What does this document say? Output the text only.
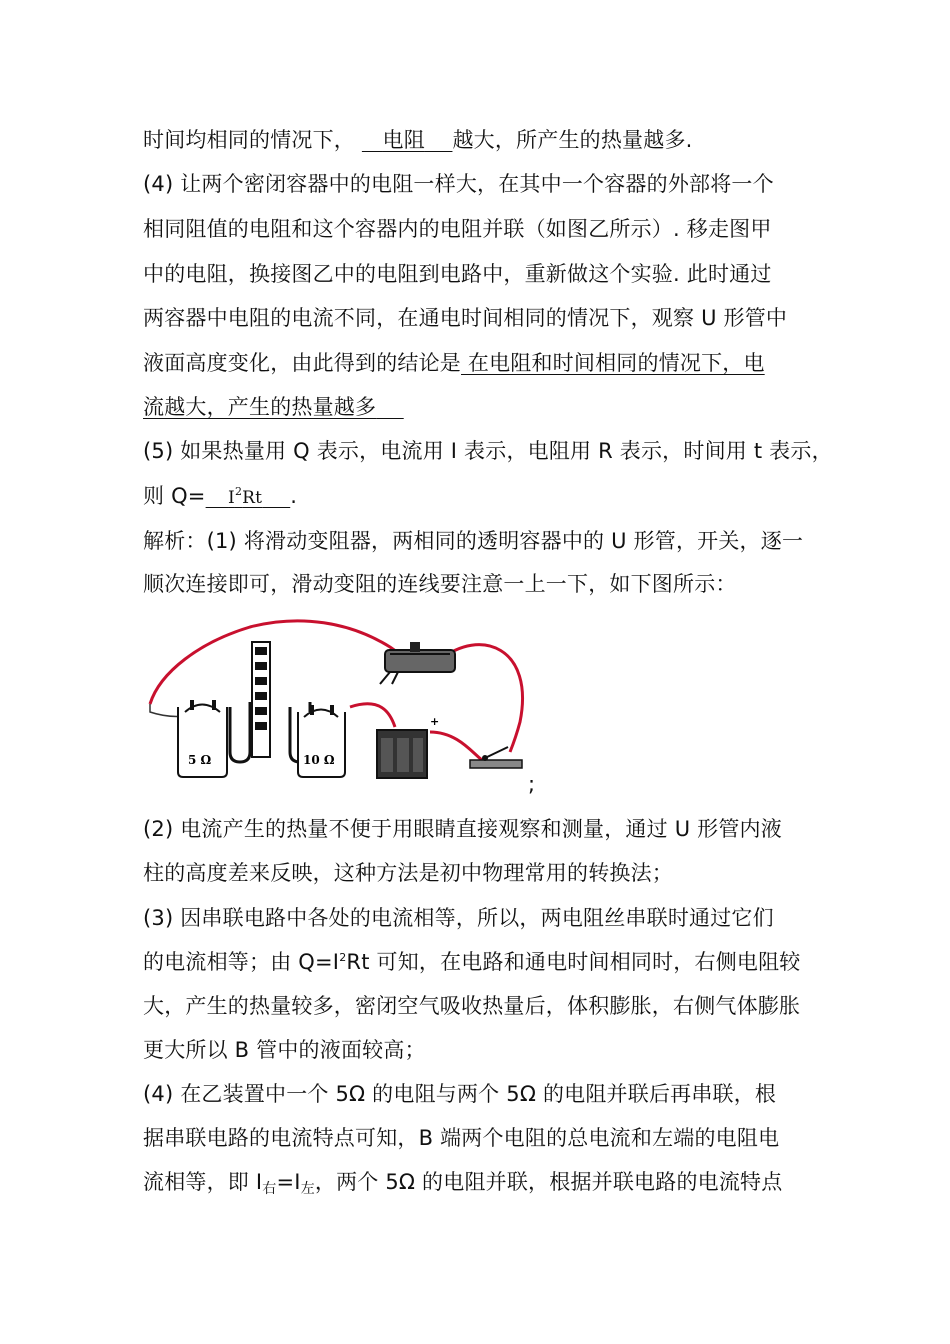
时间均相同的情况下， 电阻 越大，所产生的热量越多.
(4) 让两个密闭容器中的电阻一样大，在其中一个容器的外部将一个
相同阻值的电阻和这个容器内的电阻并联（如图乙所示）. 移走图甲
中的电阻，换接图乙中的电阻到电路中，重新做这个实验. 此时通过
两容器中电阻的电流不同，在通电时间相同的情况下，观察 U 形管中
液面高度变化，由此得到的结论是 在电阻和时间相同的情况下，电
流越大，产生的热量越多
(5) 如果热量用 Q 表示，电流用 I 表示，电阻用 R 表示，时间用 t 表示，
则 $Q= I^2Rt$ .
解析：(1) 将滑动变阻器，两相同的透明容器中的 U 形管，开关，逐一
顺次连接即可，滑动变阻的连线要注意一上一下，如下图所示：
5 Ω	10 Ω
+
;
(2) 电流产生的热量不便于用眼睛直接观察和测量，通过 U 形管内液
柱的高度差来反映，这种方法是初中物理常用的转换法；
(3) 因串联电路中各处的电流相等，所以，两电阻丝串联时通过它们
的电流相等；由 $Q=I^2Rt$ 可知，在电路和通电时间相同时，右侧电阻较
大，产生的热量较多，密闭空气吸收热量后，体积膨胀，右侧气体膨胀
更大所以 B 管中的液面较高；
(4) 在乙装置中一个 5Ω 的电阻与两个 5Ω 的电阻并联后再串联，根
据串联电路的电流特点可知，B 端两个电阻的总电流和左端的电阻电
流相等，即 $I_右=I_左$，两个 5Ω 的电阻并联，根据并联电路的电流特点
